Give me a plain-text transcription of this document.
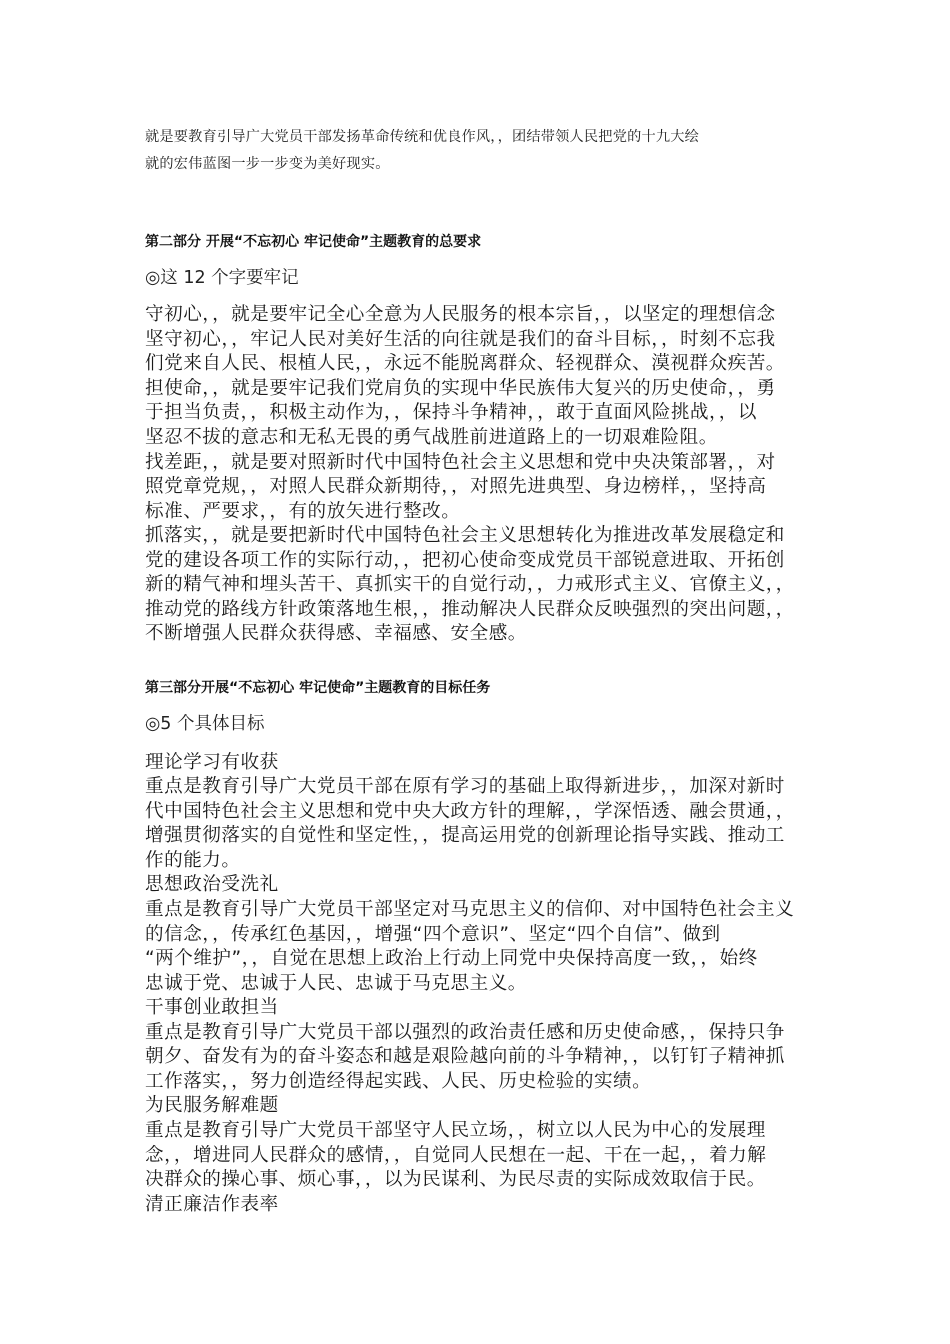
就是要教育引导广大党员干部发扬革命传统和优良作风，，团结带领人民把党的十九大绘
就的宏伟蓝图一步一步变为美好现实。
第二部分 开展“不忘初心 牢记使命”主题教育的总要求
◎这 12 个字要牢记
守初心，，就是要牢记全心全意为人民服务的根本宗旨，，以坚定的理想信念
坚守初心，，牢记人民对美好生活的向往就是我们的奋斗目标，，时刻不忘我
们党来自人民、根植人民，，永远不能脱离群众、轻视群众、漠视群众疾苦。
担使命，，就是要牢记我们党肩负的实现中华民族伟大复兴的历史使命，，勇
于担当负责，，积极主动作为，，保持斗争精神，，敢于直面风险挑战，，以
坚忍不拔的意志和无私无畏的勇气战胜前进道路上的一切艰难险阻。
找差距，，就是要对照新时代中国特色社会主义思想和党中央决策部署，，对
照党章党规，，对照人民群众新期待，，对照先进典型、身边榜样，，坚持高
标准、严要求，，有的放矢进行整改。
抓落实，，就是要把新时代中国特色社会主义思想转化为推进改革发展稳定和
党的建设各项工作的实际行动，，把初心使命变成党员干部锐意进取、开拓创
新的精气神和埋头苦干、真抓实干的自觉行动，，力戒形式主义、官僚主义，，
推动党的路线方针政策落地生根，，推动解决人民群众反映强烈的突出问题，，
不断增强人民群众获得感、幸福感、安全感。
第三部分开展“不忘初心 牢记使命”主题教育的目标任务
◎5 个具体目标
理论学习有收获
重点是教育引导广大党员干部在原有学习的基础上取得新进步，，加深对新时
代中国特色社会主义思想和党中央大政方针的理解，，学深悟透、融会贯通，，
增强贯彻落实的自觉性和坚定性，，提高运用党的创新理论指导实践、推动工
作的能力。
思想政治受洗礼
重点是教育引导广大党员干部坚定对马克思主义的信仰、对中国特色社会主义
的信念，，传承红色基因，，增强“四个意识”、坚定“四个自信”、做到
“两个维护”，，自觉在思想上政治上行动上同党中央保持高度一致，，始终
忠诚于党、忠诚于人民、忠诚于马克思主义。
干事创业敢担当
重点是教育引导广大党员干部以强烈的政治责任感和历史使命感，，保持只争
朝夕、奋发有为的奋斗姿态和越是艰险越向前的斗争精神，，以钉钉子精神抓
工作落实，，努力创造经得起实践、人民、历史检验的实绩。
为民服务解难题
重点是教育引导广大党员干部坚守人民立场，，树立以人民为中心的发展理
念，，增进同人民群众的感情，，自觉同人民想在一起、干在一起，，着力解
决群众的操心事、烦心事，，以为民谋利、为民尽责的实际成效取信于民。
清正廉洁作表率
